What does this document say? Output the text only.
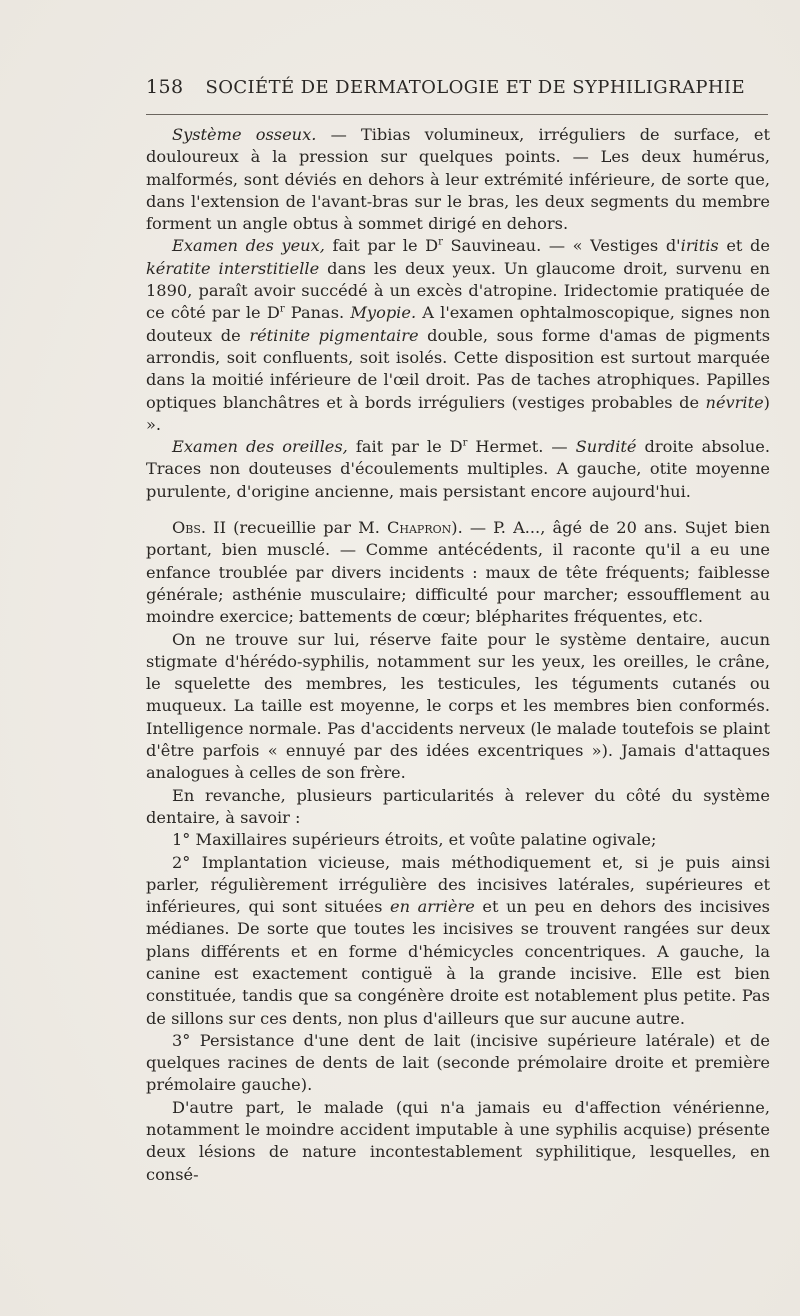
158 SOCIÉTÉ DE DERMATOLOGIE ET DE SYPHILIGRAPHIE

Système osseux. — Tibias volumineux, irréguliers de surface, et douloureux à la pression sur quelques points. — Les deux humérus, malformés, sont déviés en dehors à leur extrémité inférieure, de sorte que, dans l'extension de l'avant-bras sur le bras, les deux segments du membre forment un angle obtus à sommet dirigé en dehors.

Examen des yeux, fait par le $D^r$ Sauvineau. — « Vestiges d'iritis et de kératite interstitielle dans les deux yeux. Un glaucome droit, survenu en 1890, paraît avoir succédé à un excès d'atropine. Iridectomie pratiquée de ce côté par le $D^r$ Panas. Myopie. A l'examen ophtalmoscopique, signes non douteux de rétinite pigmentaire double, sous forme d'amas de pigments arrondis, soit confluents, soit isolés. Cette disposition est surtout marquée dans la moitié inférieure de l'œil droit. Pas de taches atrophiques. Papilles optiques blanchâtres et à bords irréguliers (vestiges probables de névrite) ».

Examen des oreilles, fait par le $D^r$ Hermet. — Surdité droite absolue. Traces non douteuses d'écoulements multiples. A gauche, otite moyenne purulente, d'origine ancienne, mais persistant encore aujourd'hui.

Obs. II (recueillie par M. Chapron). — P. A..., âgé de 20 ans. Sujet bien portant, bien musclé. — Comme antécédents, il raconte qu'il a eu une enfance troublée par divers incidents : maux de tête fréquents; faiblesse générale; asthénie musculaire; difficulté pour marcher; essoufflement au moindre exercice; battements de cœur; blépharites fréquentes, etc.

On ne trouve sur lui, réserve faite pour le système dentaire, aucun stigmate d'hérédo-syphilis, notamment sur les yeux, les oreilles, le crâne, le squelette des membres, les testicules, les téguments cutanés ou muqueux. La taille est moyenne, le corps et les membres bien conformés. Intelligence normale. Pas d'accidents nerveux (le malade toutefois se plaint d'être parfois « ennuyé par des idées excentriques »). Jamais d'attaques analogues à celles de son frère.

En revanche, plusieurs particularités à relever du côté du système dentaire, à savoir :

1° Maxillaires supérieurs étroits, et voûte palatine ogivale;

2° Implantation vicieuse, mais méthodiquement et, si je puis ainsi parler, régulièrement irrégulière des incisives latérales, supérieures et inférieures, qui sont situées en arrière et un peu en dehors des incisives médianes. De sorte que toutes les incisives se trouvent rangées sur deux plans différents et en forme d'hémicycles concentriques. A gauche, la canine est exactement contiguë à la grande incisive. Elle est bien constituée, tandis que sa congénère droite est notablement plus petite. Pas de sillons sur ces dents, non plus d'ailleurs que sur aucune autre.

3° Persistance d'une dent de lait (incisive supérieure latérale) et de quelques racines de dents de lait (seconde prémolaire droite et première prémolaire gauche).

D'autre part, le malade (qui n'a jamais eu d'affection vénérienne, notamment le moindre accident imputable à une syphilis acquise) présente deux lésions de nature incontestablement syphilitique, lesquelles, en consé-
